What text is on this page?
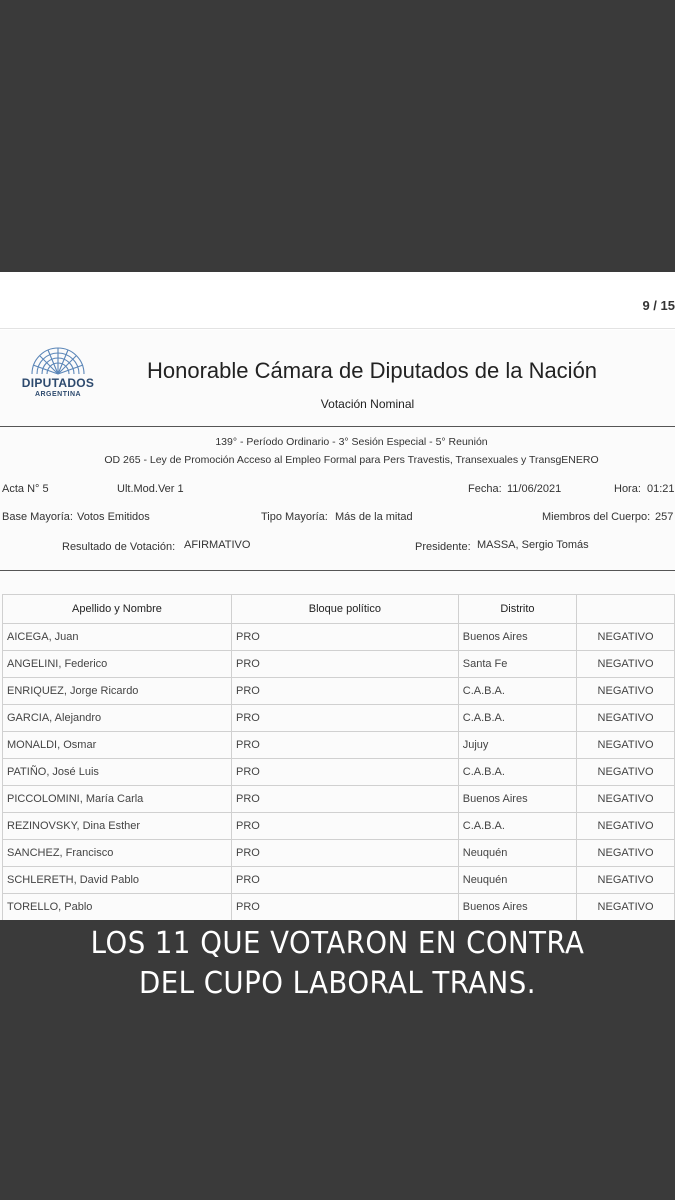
9 / 15
DIPUTADOS
ARGENTINA
Honorable Cámara de Diputados de la Nación
Votación Nominal
139° - Período Ordinario - 3° Sesión Especial - 5° Reunión
OD 265 - Ley de Promoción Acceso al Empleo Formal para Pers Travestis, Transexuales y TransgENERO
Acta N° 5	Ult.Mod.Ver 1	Fecha: 11/06/2021	Hora: 01:21
Base Mayoría: Votos Emitidos	Tipo Mayoría: Más de la mitad	Miembros del Cuerpo: 257
Resultado de Votación: AFIRMATIVO	Presidente: MASSA, Sergio Tomás
Apellido y Nombre	Bloque político	Distrito	
AICEGA, Juan	PRO	Buenos Aires	NEGATIVO
ANGELINI, Federico	PRO	Santa Fe	NEGATIVO
ENRIQUEZ, Jorge Ricardo	PRO	C.A.B.A.	NEGATIVO
GARCIA, Alejandro	PRO	C.A.B.A.	NEGATIVO
MONALDI, Osmar	PRO	Jujuy	NEGATIVO
PATIÑO, José Luis	PRO	C.A.B.A.	NEGATIVO
PICCOLOMINI, María Carla	PRO	Buenos Aires	NEGATIVO
REZINOVSKY, Dina Esther	PRO	C.A.B.A.	NEGATIVO
SANCHEZ, Francisco	PRO	Neuquén	NEGATIVO
SCHLERETH, David Pablo	PRO	Neuquén	NEGATIVO
TORELLO, Pablo	PRO	Buenos Aires	NEGATIVO
LOS 11 QUE VOTARON EN CONTRA
DEL CUPO LABORAL TRANS.
